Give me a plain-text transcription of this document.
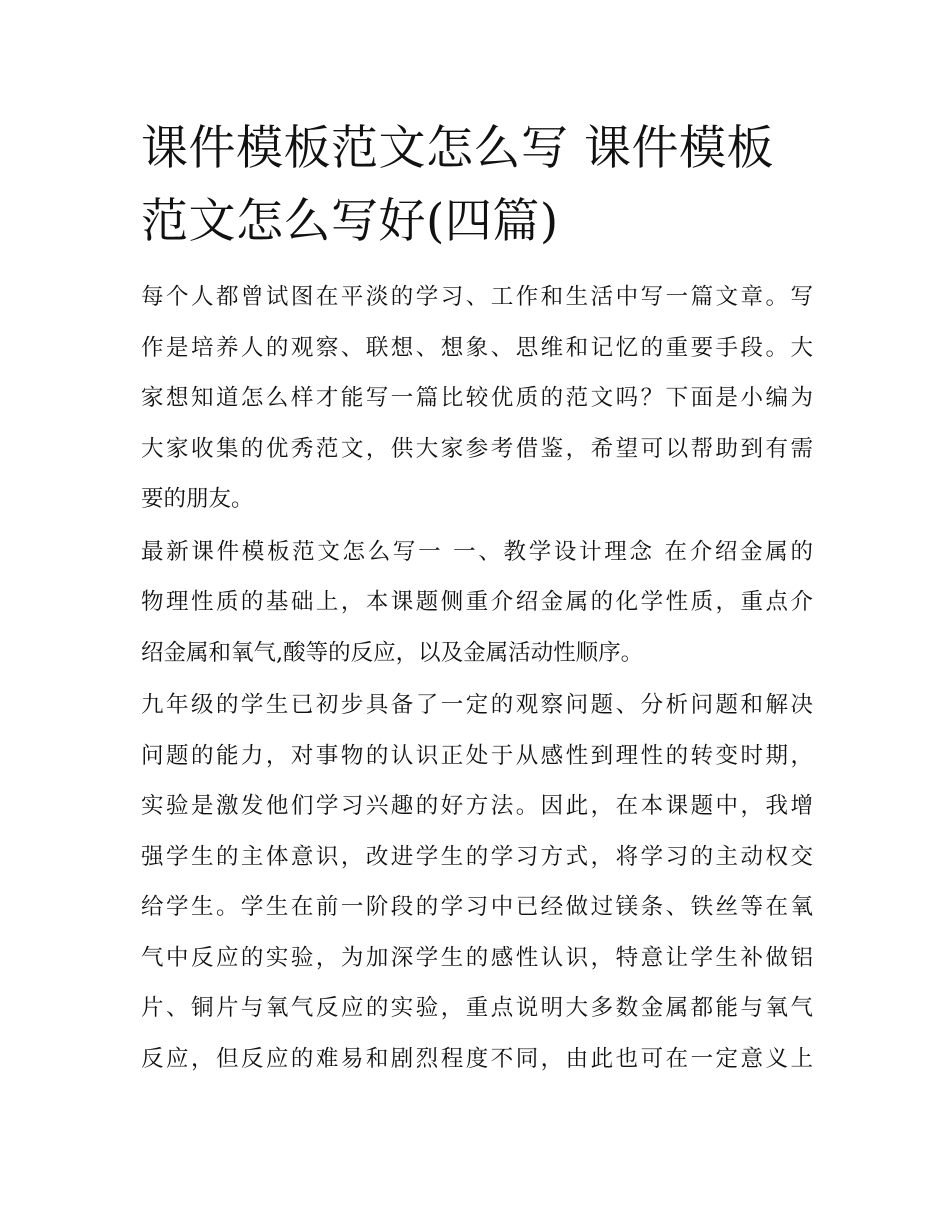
课件模板范文怎么写 课件模板
范文怎么写好(四篇)

每个人都曾试图在平淡的学习、工作和生活中写一篇文章。写
作是培养人的观察、联想、想象、思维和记忆的重要手段。大
家想知道怎么样才能写一篇比较优质的范文吗？下面是小编为
大家收集的优秀范文，供大家参考借鉴，希望可以帮助到有需
要的朋友。

最新课件模板范文怎么写一 一、教学设计理念 在介绍金属的
物理性质的基础上，本课题侧重介绍金属的化学性质，重点介
绍金属和氧气,酸等的反应，以及金属活动性顺序。

九年级的学生已初步具备了一定的观察问题、分析问题和解决
问题的能力，对事物的认识正处于从感性到理性的转变时期，
实验是激发他们学习兴趣的好方法。因此，在本课题中，我增
强学生的主体意识，改进学生的学习方式，将学习的主动权交
给学生。学生在前一阶段的学习中已经做过镁条、铁丝等在氧
气中反应的实验，为加深学生的感性认识，特意让学生补做铝
片、铜片与氧气反应的实验，重点说明大多数金属都能与氧气
反应，但反应的难易和剧烈程度不同，由此也可在一定意义上
